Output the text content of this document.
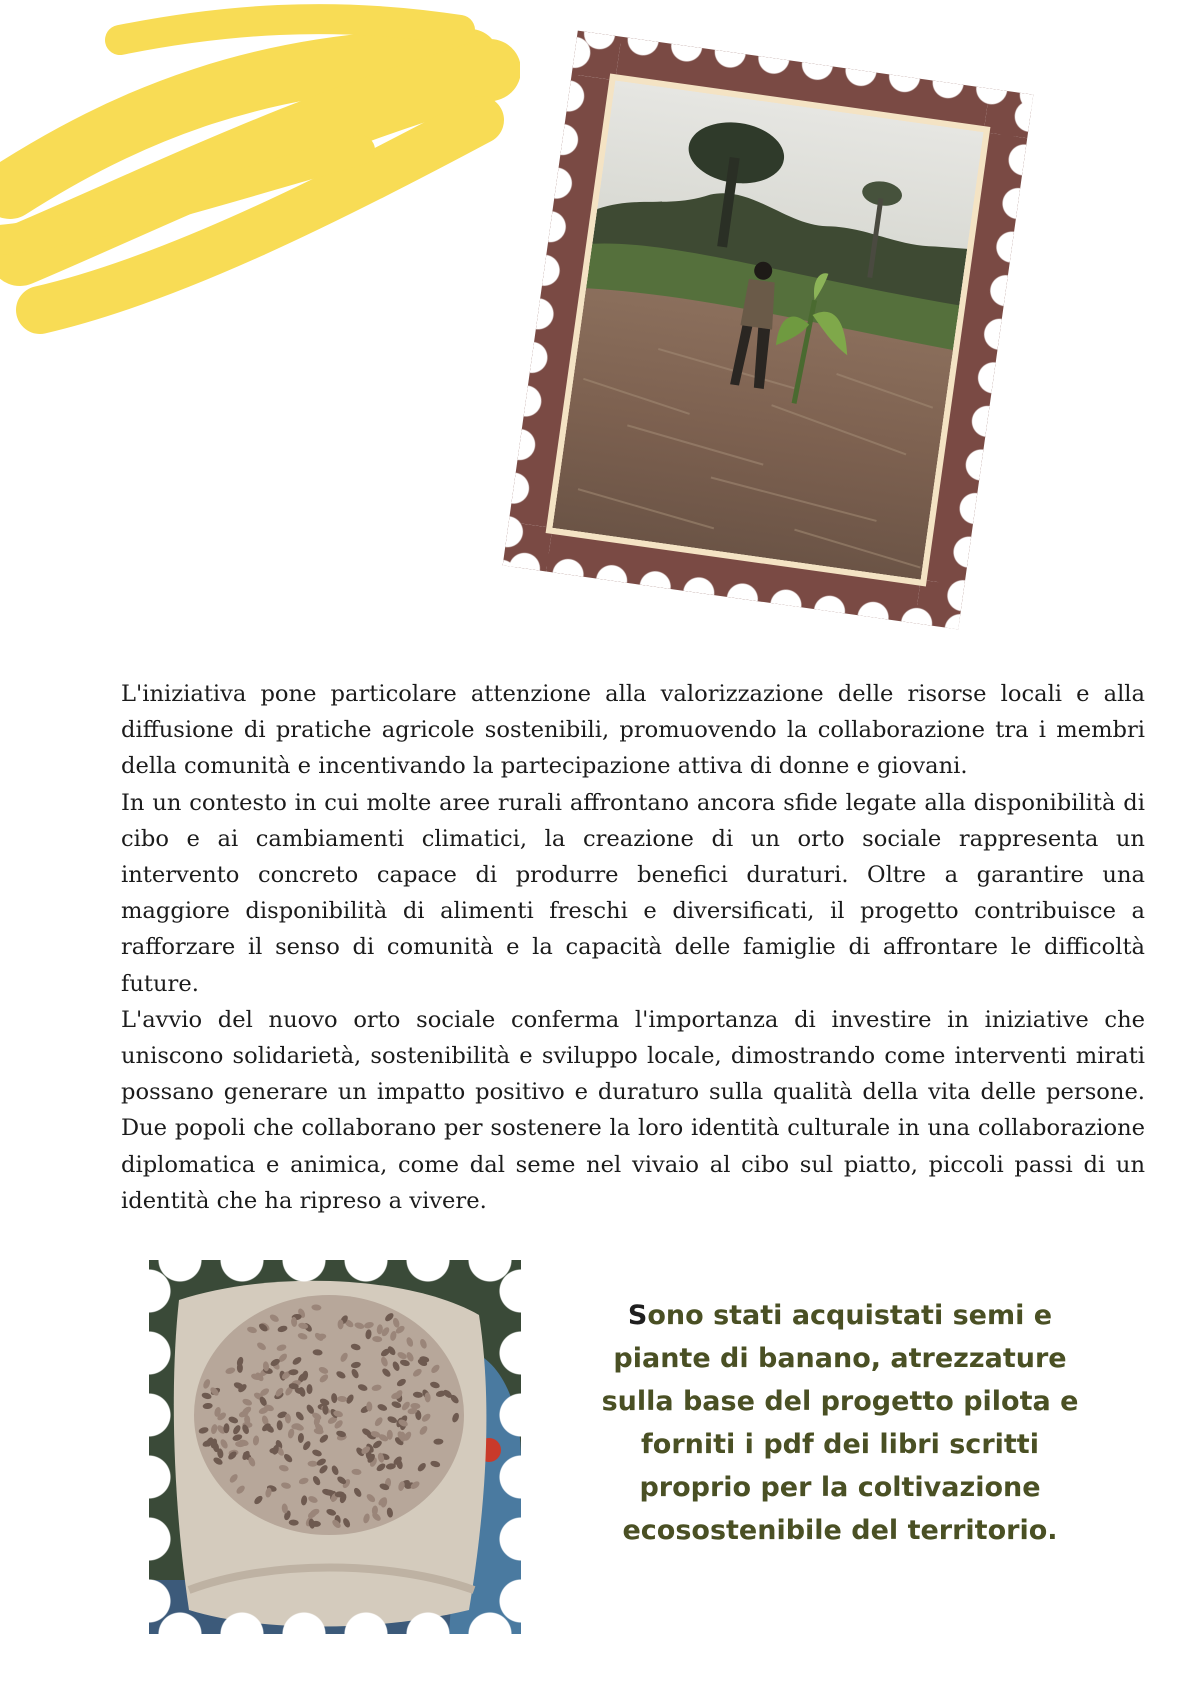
L'iniziativa pone particolare attenzione alla valorizzazione delle risorse locali e alla diffusione di pratiche agricole sostenibili, promuovendo la collaborazione tra i membri della comunità e incentivando la partecipazione attiva di donne e giovani.

In un contesto in cui molte aree rurali affrontano ancora sfide legate alla disponibilità di cibo e ai cambiamenti climatici, la creazione di un orto sociale rappresenta un intervento concreto capace di produrre benefici duraturi. Oltre a garantire una maggiore disponibilità di alimenti freschi e diversificati, il progetto contribuisce a rafforzare il senso di comunità e la capacità delle famiglie di affrontare le difficoltà future.

L'avvio del nuovo orto sociale conferma l'importanza di investire in iniziative che uniscono solidarietà, sostenibilità e sviluppo locale, dimostrando come interventi mirati possano generare un impatto positivo e duraturo sulla qualità della vita delle persone. Due popoli che collaborano per sostenere la loro identità culturale in una collaborazione diplomatica e animica, come dal seme nel vivaio al cibo sul piatto, piccoli passi di un identità che ha ripreso a vivere.

Sono stati acquistati semi e
piante di banano, atrezzature
sulla base del progetto pilota e
forniti i pdf dei libri scritti
proprio per la coltivazione
ecosostenibile del territorio.
